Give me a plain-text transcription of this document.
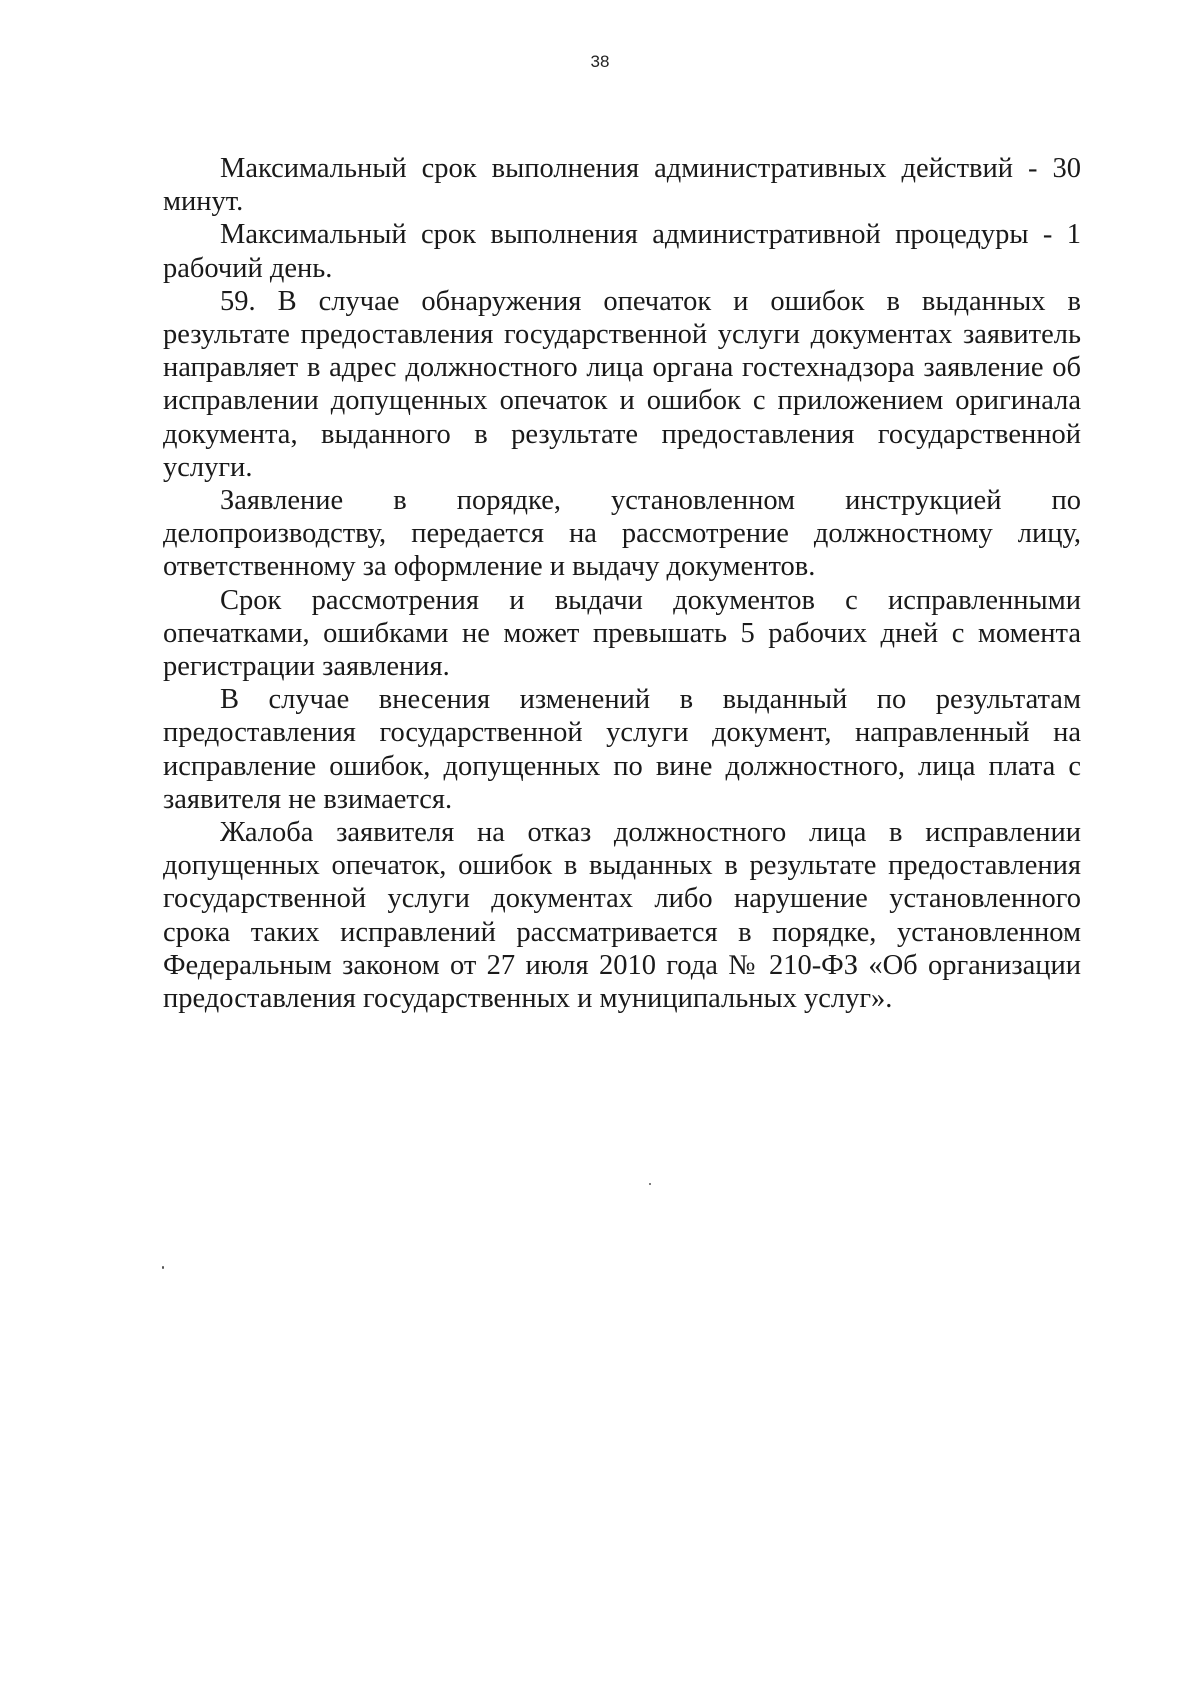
38

Максимальный срок выполнения административных действий - 30 минут.

Максимальный срок выполнения административной процедуры - 1 рабочий день.

59. В случае обнаружения опечаток и ошибок в выданных в результате предоставления государственной услуги документах заявитель направляет в адрес должностного лица органа гостехнадзора заявление об исправлении допущенных опечаток и ошибок с приложением оригинала документа, выданного в результате предоставления государственной услуги.

Заявление в порядке, установленном инструкцией по делопроизводству, передается на рассмотрение должностному лицу, ответственному за оформление и выдачу документов.

Срок рассмотрения и выдачи документов с исправленными опечатками, ошибками не может превышать 5 рабочих дней с момента регистрации заявления.

В случае внесения изменений в выданный по результатам предоставления государственной услуги документ, направленный на исправление ошибок, допущенных по вине должностного, лица плата с заявителя не взимается.

Жалоба заявителя на отказ должностного лица в исправлении допущенных опечаток, ошибок в выданных в результате предоставления государственной услуги документах либо нарушение установленного срока таких исправлений рассматривается в порядке, установленном Федеральным законом от 27 июля 2010 года № 210-ФЗ «Об организации предоставления государственных и муниципальных услуг».
